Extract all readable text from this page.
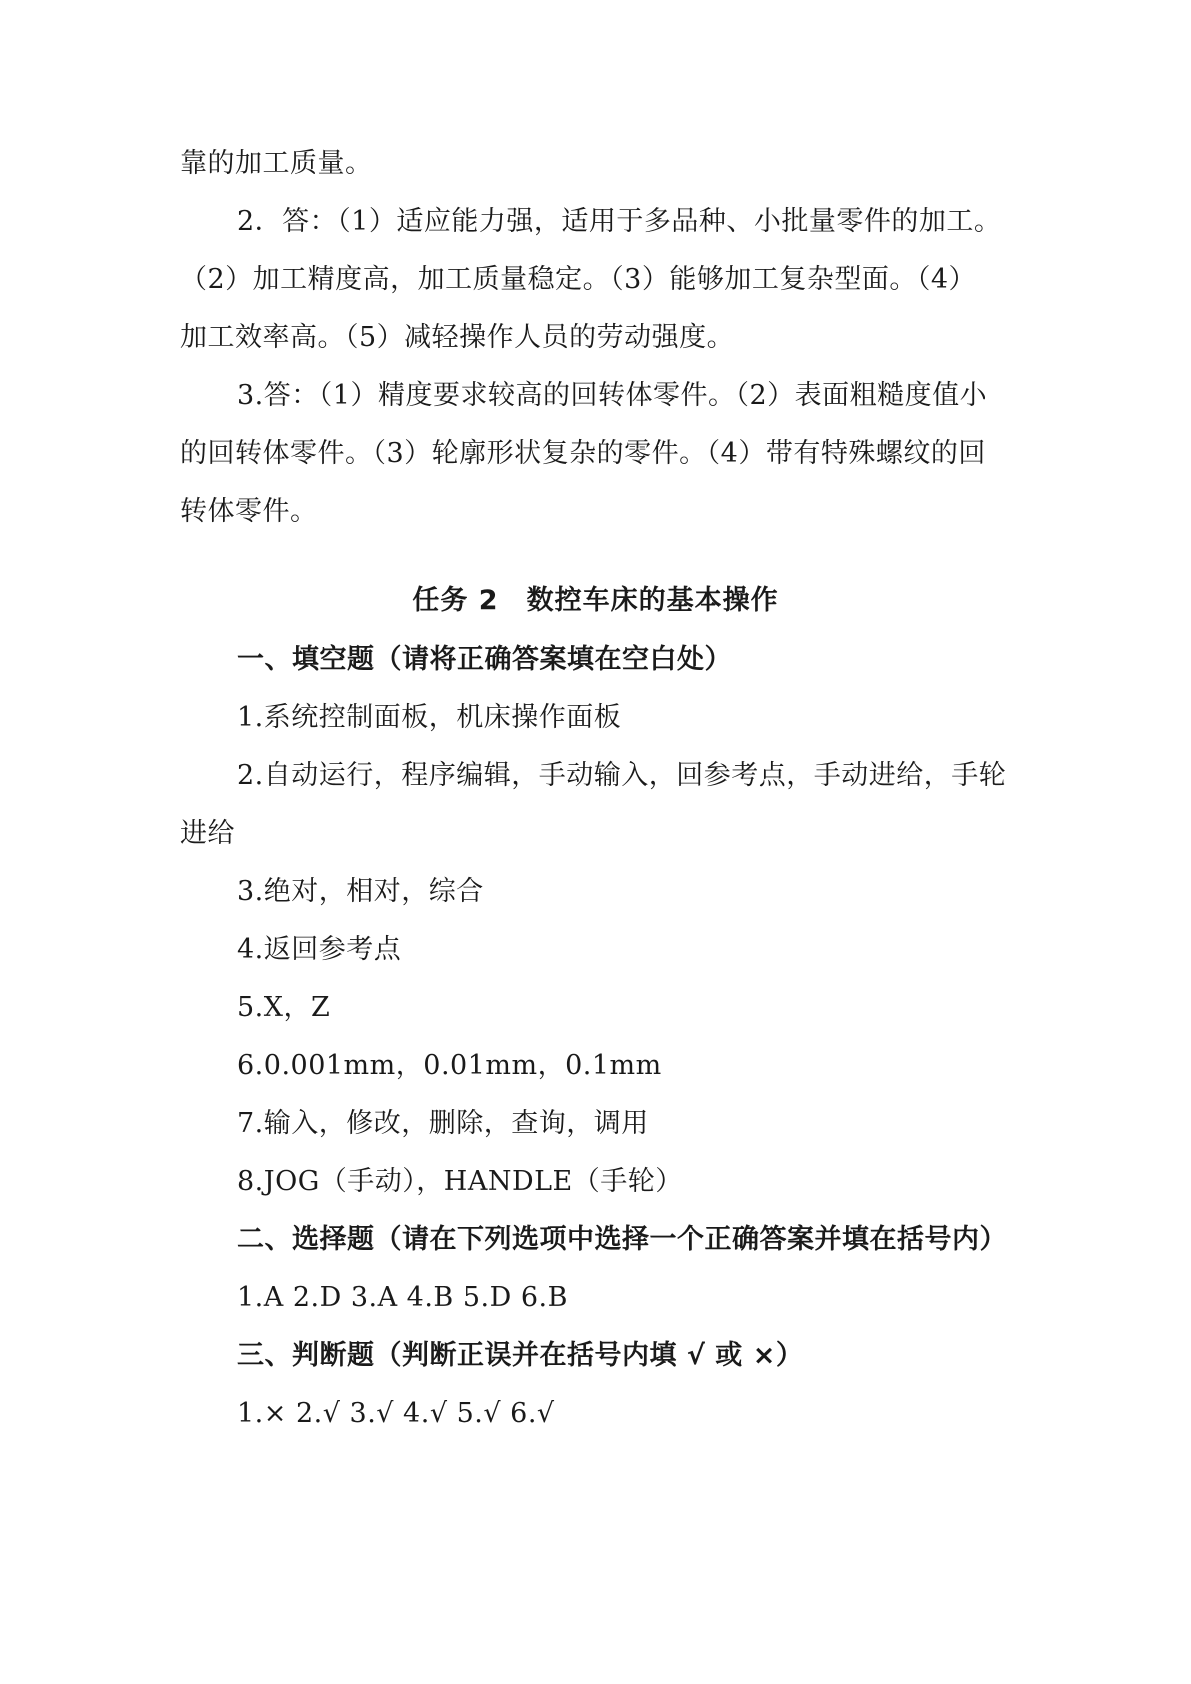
靠的加工质量。
2．答：（1）适应能力强，适用于多品种、小批量零件的加工。
（2）加工精度高，加工质量稳定。（3）能够加工复杂型面。（4）
加工效率高。（5）减轻操作人员的劳动强度。
3.答：（1）精度要求较高的回转体零件。（2）表面粗糙度值小
的回转体零件。（3）轮廓形状复杂的零件。（4）带有特殊螺纹的回
转体零件。
任务 2　数控车床的基本操作
一、填空题（请将正确答案填在空白处）
1.系统控制面板，机床操作面板
2.自动运行，程序编辑，手动输入，回参考点，手动进给，手轮
进给
3.绝对，相对，综合
4.返回参考点
5.X，Z
6.0.001mm，0.01mm，0.1mm
7.输入，修改，删除，查询，调用
8.JOG（手动），HANDLE（手轮）
二、选择题（请在下列选项中选择一个正确答案并填在括号内）
1.A 2.D 3.A 4.B 5.D 6.B
三、判断题（判断正误并在括号内填 √ 或 ×）
1.× 2.√ 3.√ 4.√ 5.√ 6.√
